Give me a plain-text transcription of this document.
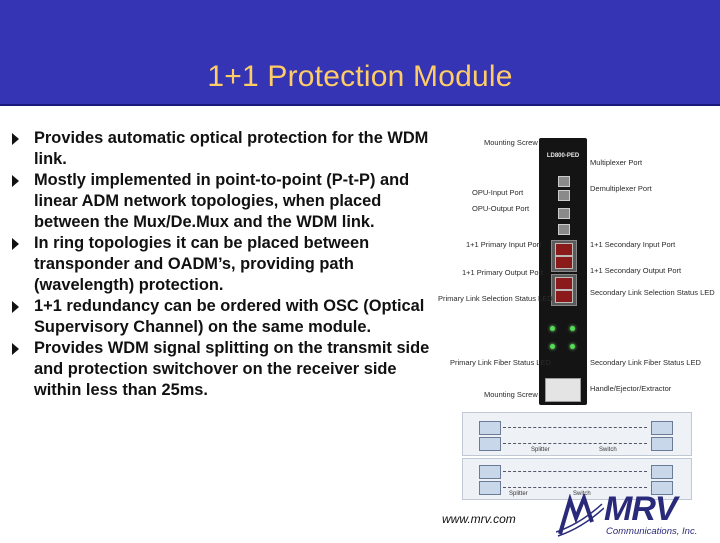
1+1 Protection Module
Provides automatic optical protection for the WDM link.
Mostly implemented in point-to-point (P-t-P) and linear ADM network topologies, when placed between the Mux/De.Mux and the WDM link.
In ring topologies it can be placed between transponder and OADM’s, providing path (wavelength) protection.
1+1 redundancy can be ordered with OSC (Optical Supervisory Channel) on the same module.
Provides WDM signal splitting on the transmit side and protection switchover on the receiver side within less than 25ms.
LD800-PED
Mounting Screw
Multiplexer Port
OPU-Input Port	Demultiplexer Port
OPU-Output Port
1+1 Primary Input Port	1+1 Secondary Input Port
1+1 Primary Output Port	1+1 Secondary Output Port
Primary Link Selection Status LED
Secondary Link Selection Status LED
Primary Link Fiber Status LED	Secondary Link Fiber Status LED
Mounting Screw
Handle/Ejector/Extractor
Splitter	Switch
Splitter	Switch
www.mrv.com	MRV
Communications, Inc.
